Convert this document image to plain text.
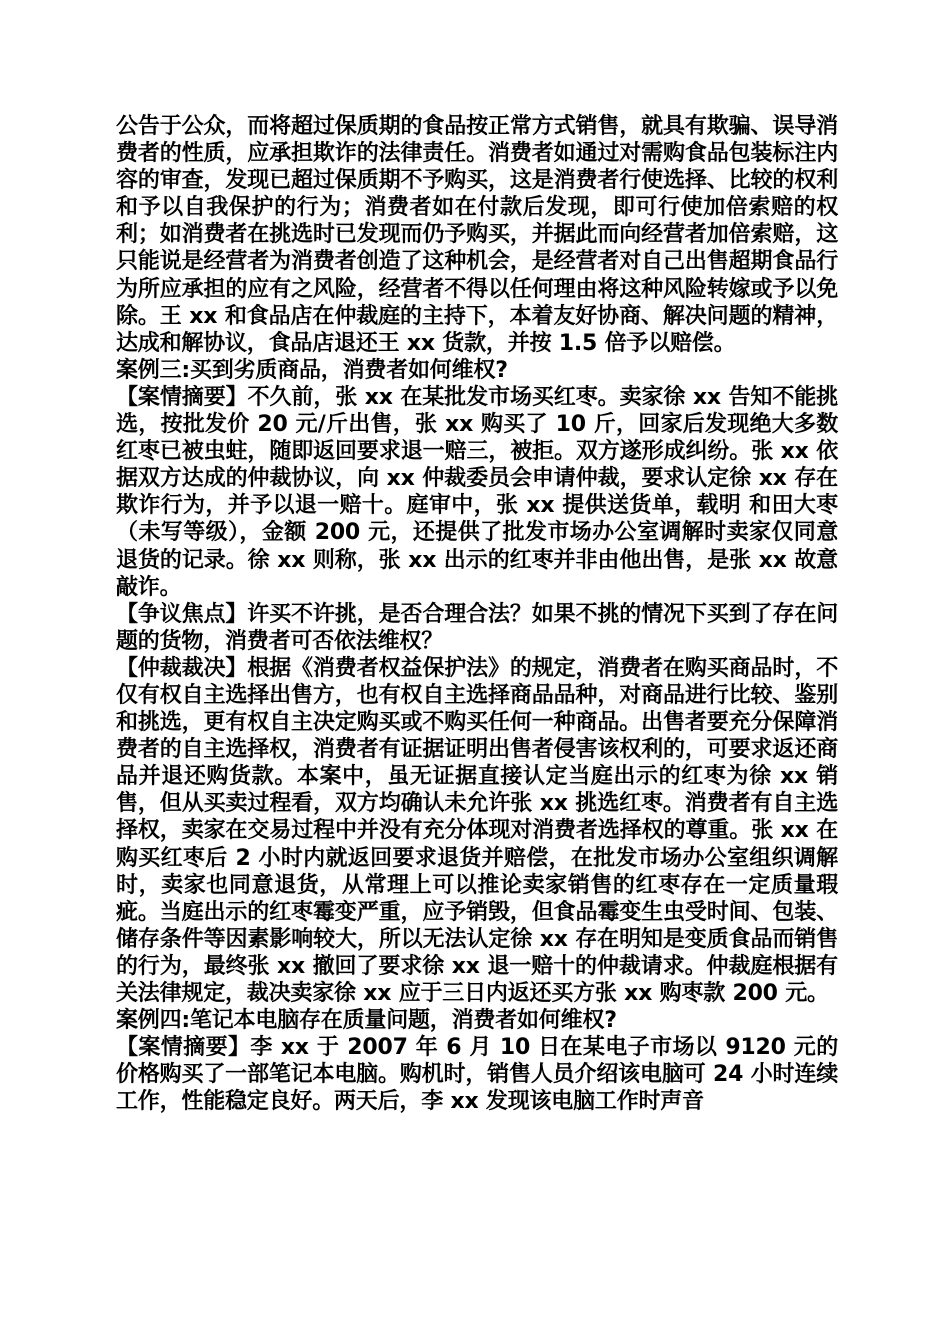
公告于公众，而将超过保质期的食品按正常方式销售，就具有欺骗、误导消费者的性质，应承担欺诈的法律责任。消费者如通过对需购食品包装标注内容的审查，发现已超过保质期不予购买，这是消费者行使选择、比较的权利和予以自我保护的行为；消费者如在付款后发现，即可行使加倍索赔的权利；如消费者在挑选时已发现而仍予购买，并据此而向经营者加倍索赔，这只能说是经营者为消费者创造了这种机会，是经营者对自己出售超期食品行为所应承担的应有之风险，经营者不得以任何理由将这种风险转嫁或予以免除。王 xx 和食品店在仲裁庭的主持下，本着友好协商、解决问题的精神，达成和解协议，食品店退还王 xx 货款，并按 1.5 倍予以赔偿。

案例三:买到劣质商品，消费者如何维权?

【案情摘要】不久前，张 xx 在某批发市场买红枣。卖家徐 xx 告知不能挑选，按批发价 20 元/斤出售，张 xx 购买了 10 斤，回家后发现绝大多数红枣已被虫蛀，随即返回要求退一赔三，被拒。双方遂形成纠纷。张 xx 依据双方达成的仲裁协议，向 xx 仲裁委员会申请仲裁，要求认定徐 xx 存在欺诈行为，并予以退一赔十。庭审中，张 xx 提供送货单，载明 和田大枣（未写等级），金额 200 元，还提供了批发市场办公室调解时卖家仅同意退货的记录。徐 xx 则称，张 xx 出示的红枣并非由他出售，是张 xx 故意敲诈。

【争议焦点】许买不许挑，是否合理合法？如果不挑的情况下买到了存在问题的货物，消费者可否依法维权？

【仲裁裁决】根据《消费者权益保护法》的规定，消费者在购买商品时，不仅有权自主选择出售方，也有权自主选择商品品种，对商品进行比较、鉴别和挑选，更有权自主决定购买或不购买任何一种商品。出售者要充分保障消费者的自主选择权，消费者有证据证明出售者侵害该权利的，可要求返还商品并退还购货款。本案中，虽无证据直接认定当庭出示的红枣为徐 xx 销售，但从买卖过程看，双方均确认未允许张 xx 挑选红枣。消费者有自主选择权，卖家在交易过程中并没有充分体现对消费者选择权的尊重。张 xx 在购买红枣后 2 小时内就返回要求退货并赔偿，在批发市场办公室组织调解时，卖家也同意退货，从常理上可以推论卖家销售的红枣存在一定质量瑕疵。当庭出示的红枣霉变严重，应予销毁，但食品霉变生虫受时间、包装、储存条件等因素影响较大，所以无法认定徐 xx 存在明知是变质食品而销售的行为，最终张 xx 撤回了要求徐 xx 退一赔十的仲裁请求。仲裁庭根据有关法律规定，裁决卖家徐 xx 应于三日内返还买方张 xx 购枣款 200 元。

案例四:笔记本电脑存在质量问题，消费者如何维权?

【案情摘要】李 xx 于 2007 年 6 月 10 日在某电子市场以 9120 元的价格购买了一部笔记本电脑。购机时，销售人员介绍该电脑可 24 小时连续工作，性能稳定良好。两天后，李 xx 发现该电脑工作时声音
